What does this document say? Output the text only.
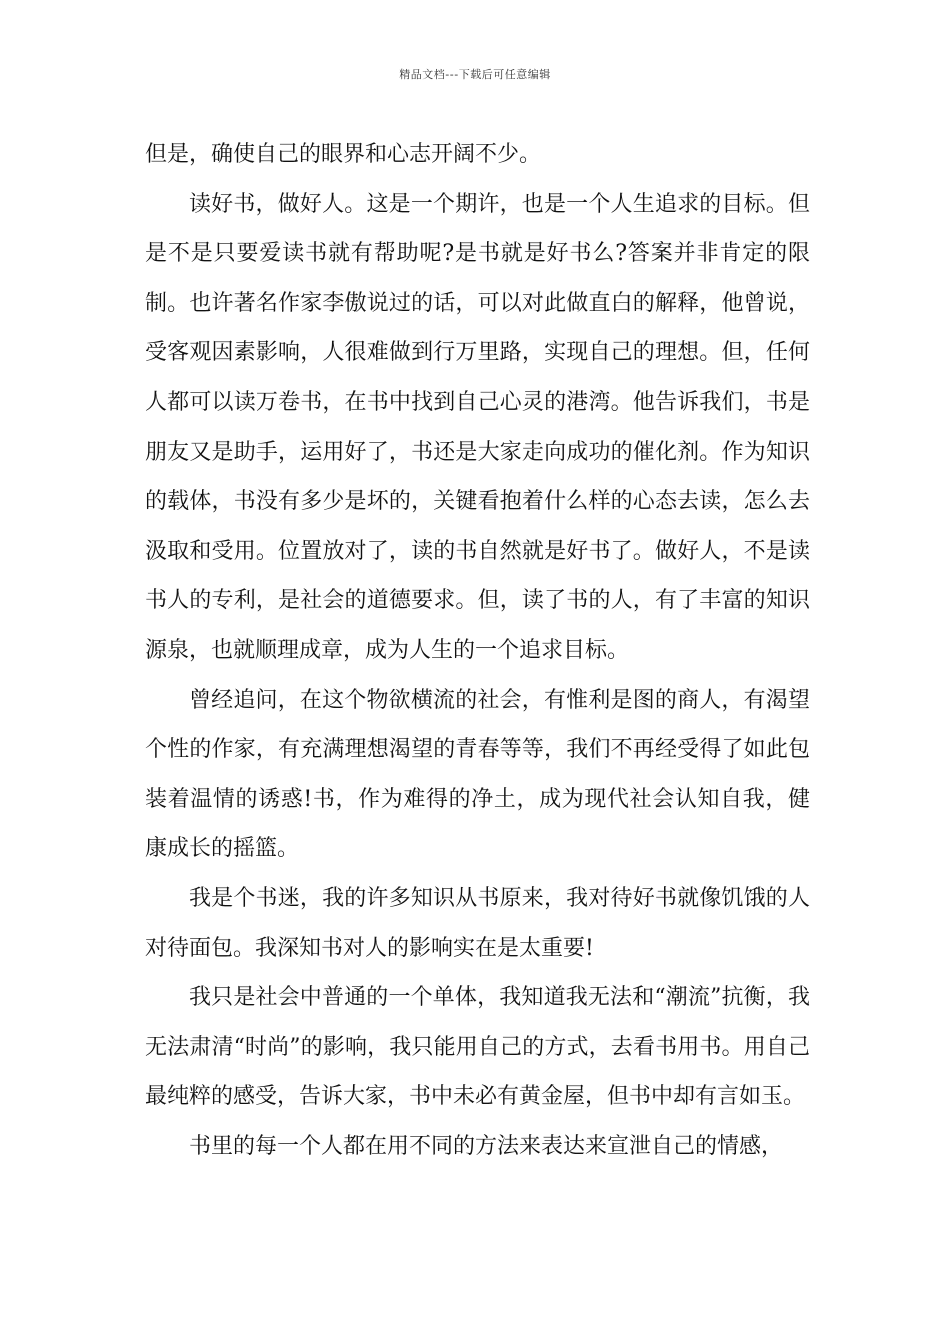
精品文档---下载后可任意编辑

但是，确使自己的眼界和心志开阔不少。

读好书，做好人。这是一个期许，也是一个人生追求的目标。但是不是只要爱读书就有帮助呢?是书就是好书么?答案并非肯定的限制。也许著名作家李傲说过的话，可以对此做直白的解释，他曾说，受客观因素影响，人很难做到行万里路，实现自己的理想。但，任何人都可以读万卷书，在书中找到自己心灵的港湾。他告诉我们，书是朋友又是助手，运用好了，书还是大家走向成功的催化剂。作为知识的载体，书没有多少是坏的，关键看抱着什么样的心态去读，怎么去汲取和受用。位置放对了，读的书自然就是好书了。做好人，不是读书人的专利，是社会的道德要求。但，读了书的人，有了丰富的知识源泉，也就顺理成章，成为人生的一个追求目标。

曾经追问，在这个物欲横流的社会，有惟利是图的商人，有渴望个性的作家，有充满理想渴望的青春等等，我们不再经受得了如此包装着温情的诱惑!书，作为难得的净土，成为现代社会认知自我，健康成长的摇篮。

我是个书迷，我的许多知识从书原来，我对待好书就像饥饿的人对待面包。我深知书对人的影响实在是太重要!

我只是社会中普通的一个单体，我知道我无法和“潮流”抗衡，我无法肃清“时尚”的影响，我只能用自己的方式，去看书用书。用自己最纯粹的感受，告诉大家，书中未必有黄金屋，但书中却有言如玉。

书里的每一个人都在用不同的方法来表达来宣泄自己的情感，
